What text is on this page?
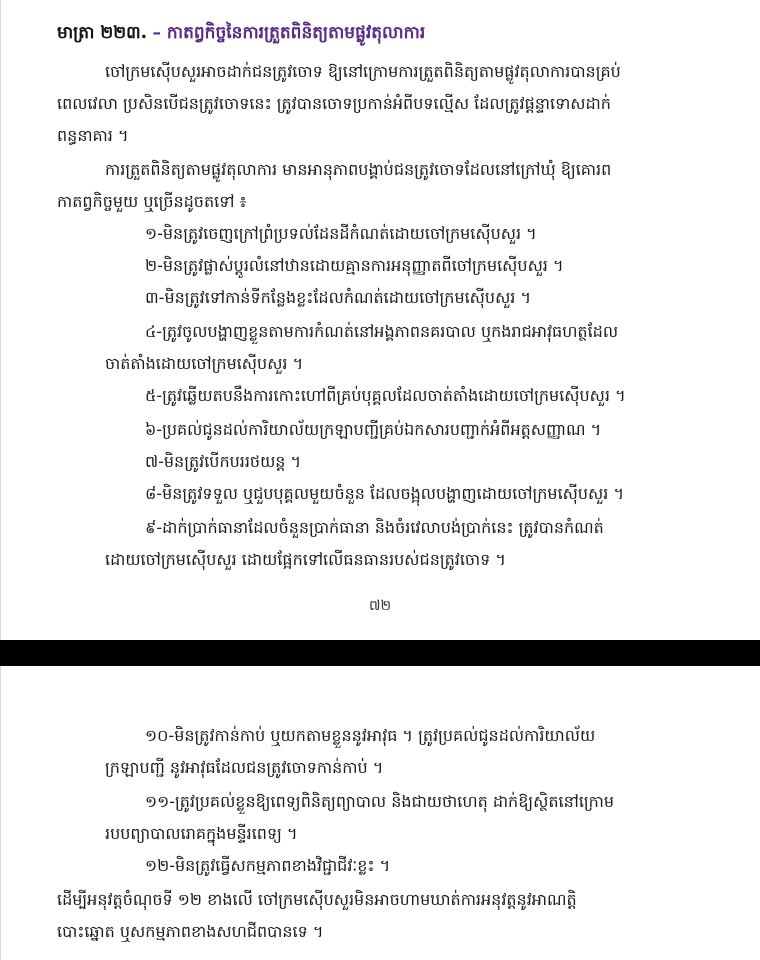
មាត្រា ២២៣. – កាតព្វកិច្ចនៃការត្រួតពិនិត្យតាមផ្លូវតុលាការ
ចៅក្រមស៊ើបសួរអាចដាក់ជនត្រូវចោទ ឱ្យនៅក្រោមការត្រួតពិនិត្យតាមផ្លូវតុលាការបានគ្រប់
ពេលវេលា ប្រសិនបើជនត្រូវចោទនេះ ត្រូវបានចោទប្រកាន់អំពីបទល្មើស ដែលត្រូវផ្តន្ទាទោសដាក់
ពន្ធនាគារ ។
ការត្រួតពិនិត្យតាមផ្លូវតុលាការ មានអានុភាពបង្គាប់ជនត្រូវចោទដែលនៅក្រៅឃុំ ឱ្យគោរព
កាតព្វកិច្ចមួយ ឬច្រើនដូចតទៅ ៖
១-មិនត្រូវចេញក្រៅព្រំប្រទល់ដែនដីកំណត់ដោយចៅក្រមស៊ើបសួរ ។
២-មិនត្រូវផ្លាស់ប្តូរលំនៅឋានដោយគ្មានការអនុញ្ញាតពីចៅក្រមស៊ើបសួរ ។
៣-មិនត្រូវទៅកាន់ទីកន្លែងខ្លះដែលកំណត់ដោយចៅក្រមស៊ើបសួរ ។
៤-ត្រូវចូលបង្ហាញខ្លួនតាមការកំណត់នៅអង្គភាពនគរបាល ឬកងរាជអាវុធហត្ថដែល
ចាត់តាំងដោយចៅក្រមស៊ើបសួរ ។
៥-ត្រូវឆ្លើយតបនឹងការកោះហៅពីគ្រប់បុគ្គលដែលចាត់តាំងដោយចៅក្រមស៊ើបសួរ ។
៦-ប្រគល់ជូនដល់ការិយាល័យក្រឡាបញ្ជីគ្រប់ឯកសារបញ្ជាក់អំពីអត្តសញ្ញាណ ។
៧-មិនត្រូវបើកបររថយន្ត ។
៨-មិនត្រូវទទួល ឬជួបបុគ្គលមួយចំនួន ដែលចង្អុលបង្ហាញដោយចៅក្រមស៊ើបសួរ ។
៩-ដាក់ប្រាក់ធានាដែលចំនួនប្រាក់ធានា និងចំរវេលាបង់ប្រាក់នេះ ត្រូវបានកំណត់
ដោយចៅក្រមស៊ើបសួរ ដោយផ្អែកទៅលើធនធានរបស់ជនត្រូវចោទ ។
៧២
១០-មិនត្រូវកាន់កាប់ ឬយកតាមខ្លួននូវអាវុធ ។ ត្រូវប្រគល់ជូនដល់ការិយាល័យ
ក្រឡាបញ្ជី នូវអាវុធដែលជនត្រូវចោទកាន់កាប់ ។
១១-ត្រូវប្រគល់ខ្លួនឱ្យពេទ្យពិនិត្យព្យាបាល និងជាយថាហេតុ ដាក់ឱ្យស្ថិតនៅក្រោម
របបព្យាបាលរោគក្នុងមន្ទីរពេទ្យ ។
១២-មិនត្រូវធ្វើសកម្មភាពខាងវិជ្ជាជីវៈខ្លះ ។
ដើម្បីអនុវត្តចំណុចទី ១២ ខាងលើ ចៅក្រមស៊ើបសួរមិនអាចហាមឃាត់ការអនុវត្តនូវអាណត្តិ
បោះឆ្នោត ឬសកម្មភាពខាងសហជីពបានទេ ។
